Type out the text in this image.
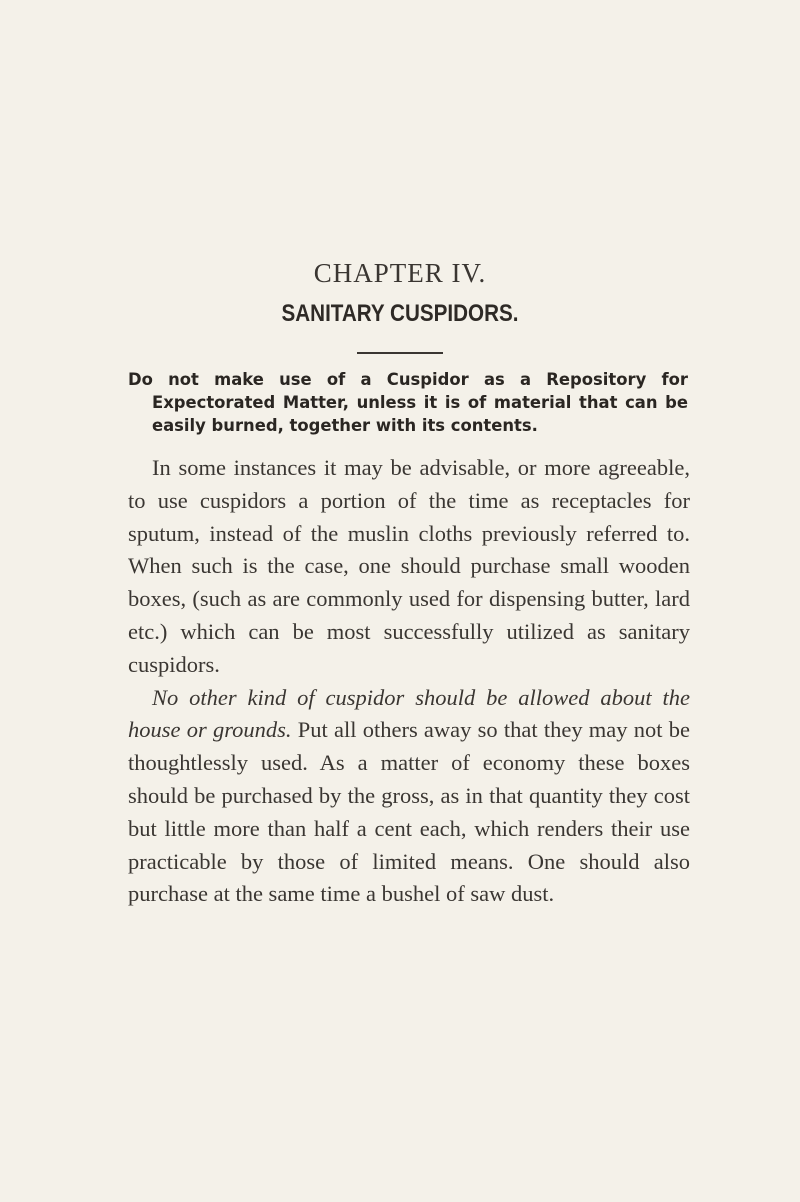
CHAPTER IV.
SANITARY CUSPIDORS.

Do not make use of a Cuspidor as a Repository for Expectorated Matter, unless it is of material that can be easily burned, together with its contents.

In some instances it may be advisable, or more agreeable, to use cuspidors a portion of the time as receptacles for sputum, instead of the muslin cloths previously referred to. When such is the case, one should purchase small wooden boxes, (such as are commonly used for dispensing butter, lard etc.) which can be most successfully utilized as sanitary cuspidors.

No other kind of cuspidor should be allowed about the house or grounds. Put all others away so that they may not be thoughtlessly used. As a matter of economy these boxes should be purchased by the gross, as in that quantity they cost but little more than half a cent each, which renders their use practicable by those of limited means. One should also purchase at the same time a bushel of saw dust.
